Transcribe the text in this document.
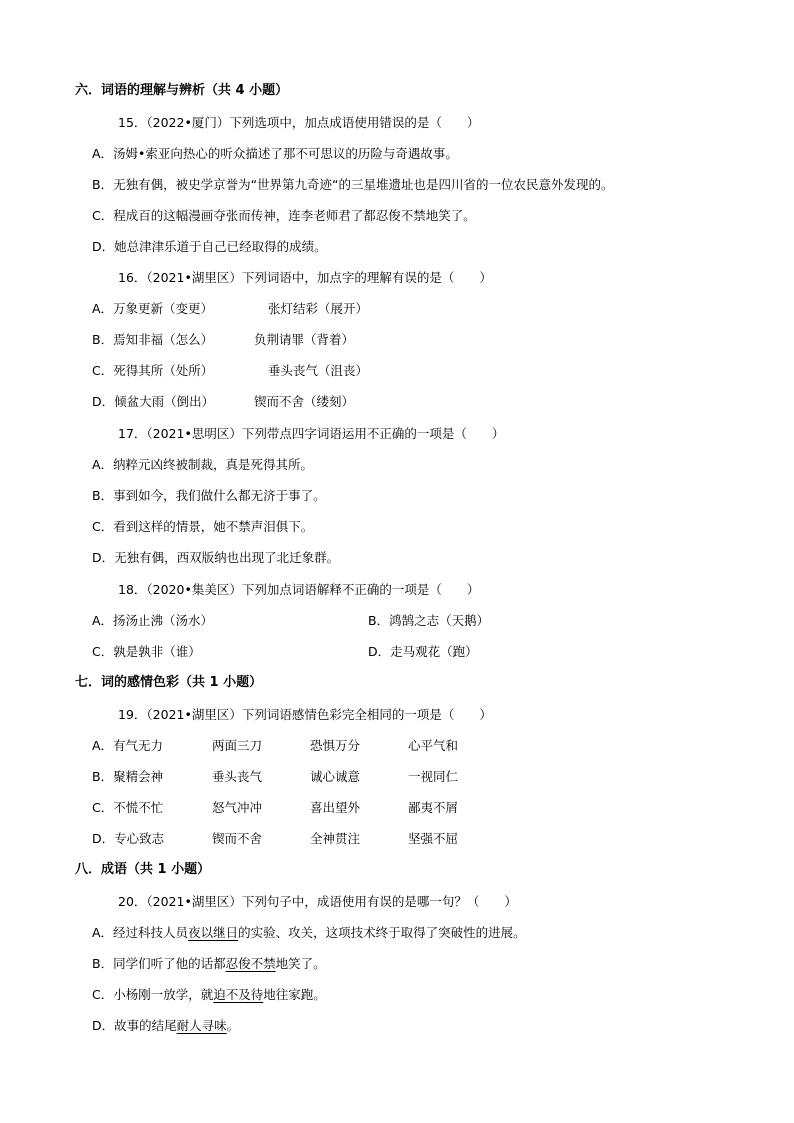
六．词语的理解与辨析（共 4 小题）
15．（2022•厦门）下列选项中，加点成语使用错误的是（　　）
A．汤姆•索亚向热心的听众描述了那不可思议的历险与奇遇故事。
B．无独有偶，被史学京誉为“世界第九奇迹“的三星堆遗址也是四川省的一位农民意外发现的。
C．程成百的这幅漫画夺张而传神，连李老师君了都忍俊不禁地笑了。
D．她总津津乐道于自己已经取得的成绩。
16．（2021•湖里区）下列词语中，加点字的理解有误的是（　　）
A．万象更新（变更）	张灯结彩（展开）
B．焉知非福（怎么）	负荆请罪（背着）
C．死得其所（处所）	垂头丧气（沮丧）
D．倾盆大雨（倒出）	锲而不舍（缕刻）
17．（2021•思明区）下列带点四字词语运用不正确的一项是（　　）
A．纳粹元凶终被制裁，真是死得其所。
B．事到如今，我们做什么都无济于事了。
C．看到这样的情景，她不禁声泪俱下。
D．无独有偶，西双版纳也出现了北迁象群。
18．（2020•集美区）下列加点词语解释不正确的一项是（　　）
A．扬汤止沸（汤水）	B．鸿鹄之志（天鹅）
C．孰是孰非（谁）	D．走马观花（跑）
七．词的感情色彩（共 1 小题）
19．（2021•湖里区）下列词语感情色彩完全相同的一项是（　　）
A．有气无力	两面三刀	恐惧万分	心平气和
B．聚精会神	垂头丧气	诚心诚意	一视同仁
C．不慌不忙	怒气冲冲	喜出望外	鄙夷不屑
D．专心致志	锲而不舍	全神贯注	坚强不屈
八．成语（共 1 小题）
20．（2021•湖里区）下列句子中，成语使用有误的是哪一句？（　　）
A．经过科技人员夜以继日的实验、攻关，这项技术终于取得了突破性的进展。
B．同学们听了他的话都忍俊不禁地笑了。
C．小杨刚一放学，就迫不及待地往家跑。
D．故事的结尾耐人寻味。
